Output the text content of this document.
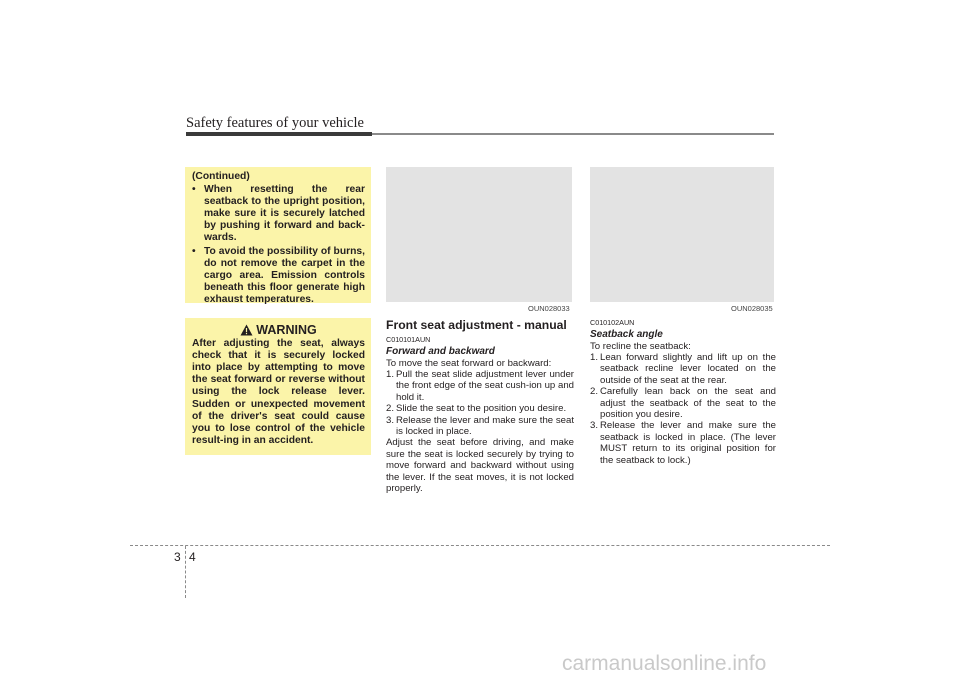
Safety features of your vehicle
(Continued)
• When resetting the rear seatback to the upright position, make sure it is securely latched by pushing it forward and back-wards.
• To avoid the possibility of burns, do not remove the carpet in the cargo area. Emission controls beneath this floor generate high exhaust temperatures.
WARNING
After adjusting the seat, always check that it is securely locked into place by attempting to move the seat forward or reverse without using the lock release lever. Sudden or unexpected movement of the driver's seat could cause you to lose control of the vehicle result-ing in an accident.
OUN028033	OUN028035
Front seat adjustment - manual
C010101AUN
Forward and backward
To move the seat forward or backward:
1. Pull the seat slide adjustment lever under the front edge of the seat cush-ion up and hold it.
2. Slide the seat to the position you desire.
3. Release the lever and make sure the seat is locked in place.
Adjust the seat before driving, and make sure the seat is locked securely by trying to move forward and backward without using the lever. If the seat moves, it is not locked properly.
C010102AUN
Seatback angle
To recline the seatback:
1. Lean forward slightly and lift up on the seatback recline lever located on the outside of the seat at the rear.
2. Carefully lean back on the seat and adjust the seatback of the seat to the position you desire.
3. Release the lever and make sure the seatback is locked in place. (The lever MUST return to its original position for the seatback to lock.)
3 4
carmanualsonline.info
